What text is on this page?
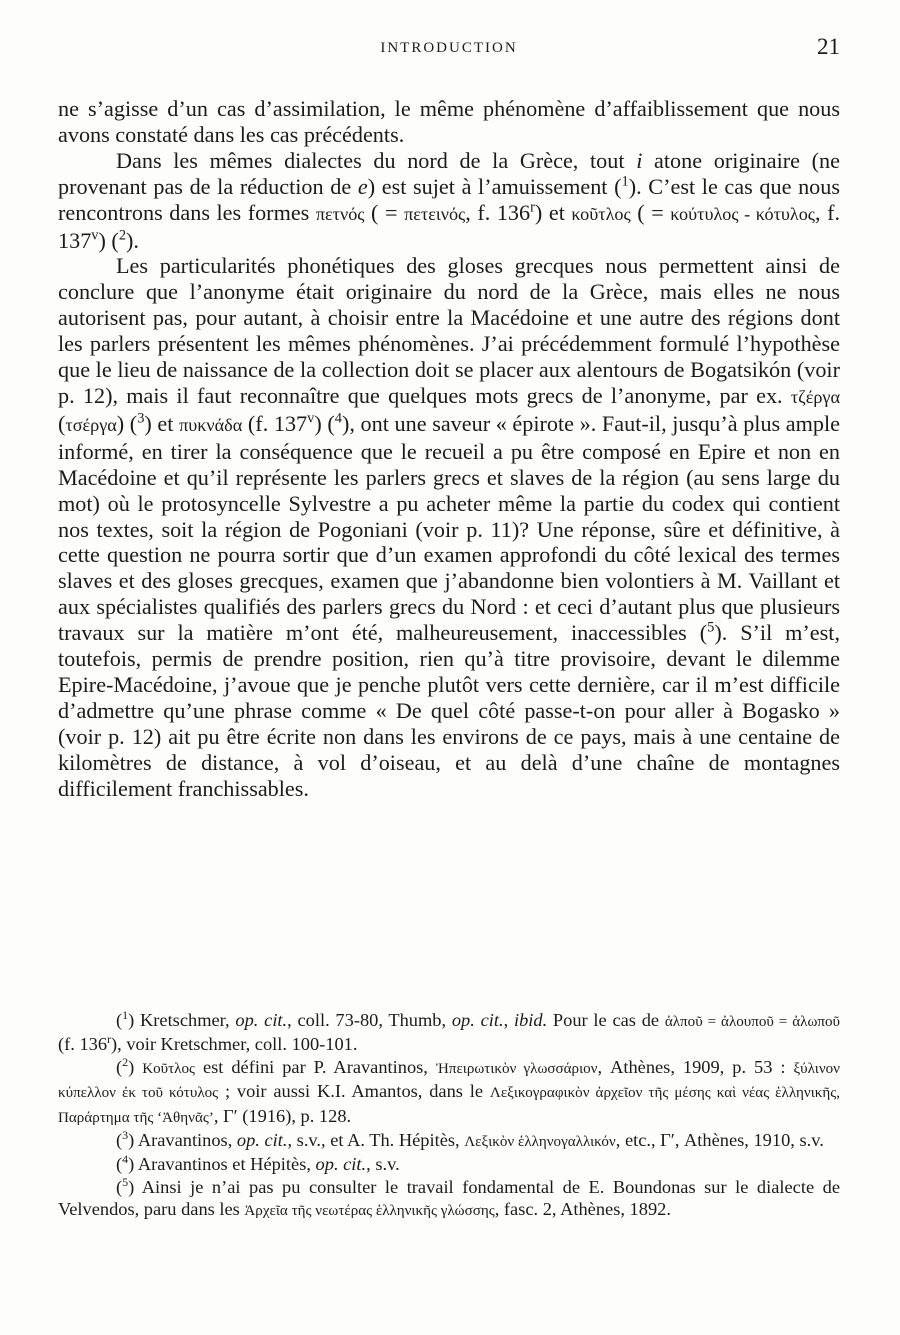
INTRODUCTION	21

ne s’agisse d’un cas d’assimilation, le même phénomène d’affaiblissement que nous avons constaté dans les cas précédents.

Dans les mêmes dialectes du nord de la Grèce, tout i atone originaire (ne provenant pas de la réduction de e) est sujet à l’amuissement ($^1$). C’est le cas que nous rencontrons dans les formes πετνός ( = πετεινός, f. 136$^r$) et κοῦτλος ( = κούτυλος - κότυλος, f. 137$^v$) ($^2$).

Les particularités phonétiques des gloses grecques nous permettent ainsi de conclure que l’anonyme était originaire du nord de la Grèce, mais elles ne nous autorisent pas, pour autant, à choisir entre la Macédoine et une autre des régions dont les parlers présentent les mêmes phénomènes. J’ai précédemment formulé l’hypothèse que le lieu de naissance de la collection doit se placer aux alentours de Bogatsikón (voir p. 12), mais il faut reconnaître que quelques mots grecs de l’anonyme, par ex. τζέργα (τσέργα) ($^3$) et πυκνάδα (f. 137$^v$) ($^4$), ont une saveur « épirote ». Faut-il, jusqu’à plus ample informé, en tirer la conséquence que le recueil a pu être composé en Epire et non en Macédoine et qu’il représente les parlers grecs et slaves de la région (au sens large du mot) où le protosyncelle Sylvestre a pu acheter même la partie du codex qui contient nos textes, soit la région de Pogoniani (voir p. 11)? Une réponse, sûre et définitive, à cette question ne pourra sortir que d’un examen approfondi du côté lexical des termes slaves et des gloses grecques, examen que j’abandonne bien volontiers à M. Vaillant et aux spécialistes qualifiés des parlers grecs du Nord : et ceci d’autant plus que plusieurs travaux sur la matière m’ont été, malheureusement, inaccessibles ($^5$). S’il m’est, toutefois, permis de prendre position, rien qu’à titre provisoire, devant le dilemme Epire-Macédoine, j’avoue que je penche plutôt vers cette dernière, car il m’est difficile d’admettre qu’une phrase comme « De quel côté passe-t-on pour aller à Bogasko » (voir p. 12) ait pu être écrite non dans les environs de ce pays, mais à une centaine de kilomètres de distance, à vol d’oiseau, et au delà d’une chaîne de montagnes difficilement franchissables.

($^1$) Kretschmer, op. cit., coll. 73-80, Thumb, op. cit., ibid. Pour le cas de ἀλποῦ = ἀλουποῦ = ἀλωποῦ (f. 136$^r$), voir Kretschmer, coll. 100-101.

($^2$) Κοῦτλος est défini par P. Aravantinos, Ἠπειρωτικὸν γλωσσάριον, Athènes, 1909, p. 53 : ξύλινον κύπελλον ἐκ τοῦ κότυλος ; voir aussi K.I. Amantos, dans le Λεξικογραφικὸν ἀρχεῖον τῆς μέσης καὶ νέας ἑλληνικῆς, Παράρτημα τῆς ‘Ἀθηνᾶς’, Γ′ (1916), p. 128.

($^3$) Aravantinos, op. cit., s.v., et A. Th. Hépitès, Λεξικὸν ἑλληνογαλλικόν, etc., Γ′, Athènes, 1910, s.v.

($^4$) Aravantinos et Hépitès, op. cit., s.v.

($^5$) Ainsi je n’ai pas pu consulter le travail fondamental de E. Boundonas sur le dialecte de Velvendos, paru dans les Ἀρχεῖα τῆς νεωτέρας ἑλληνικῆς γλώσσης, fasc. 2, Athènes, 1892.
